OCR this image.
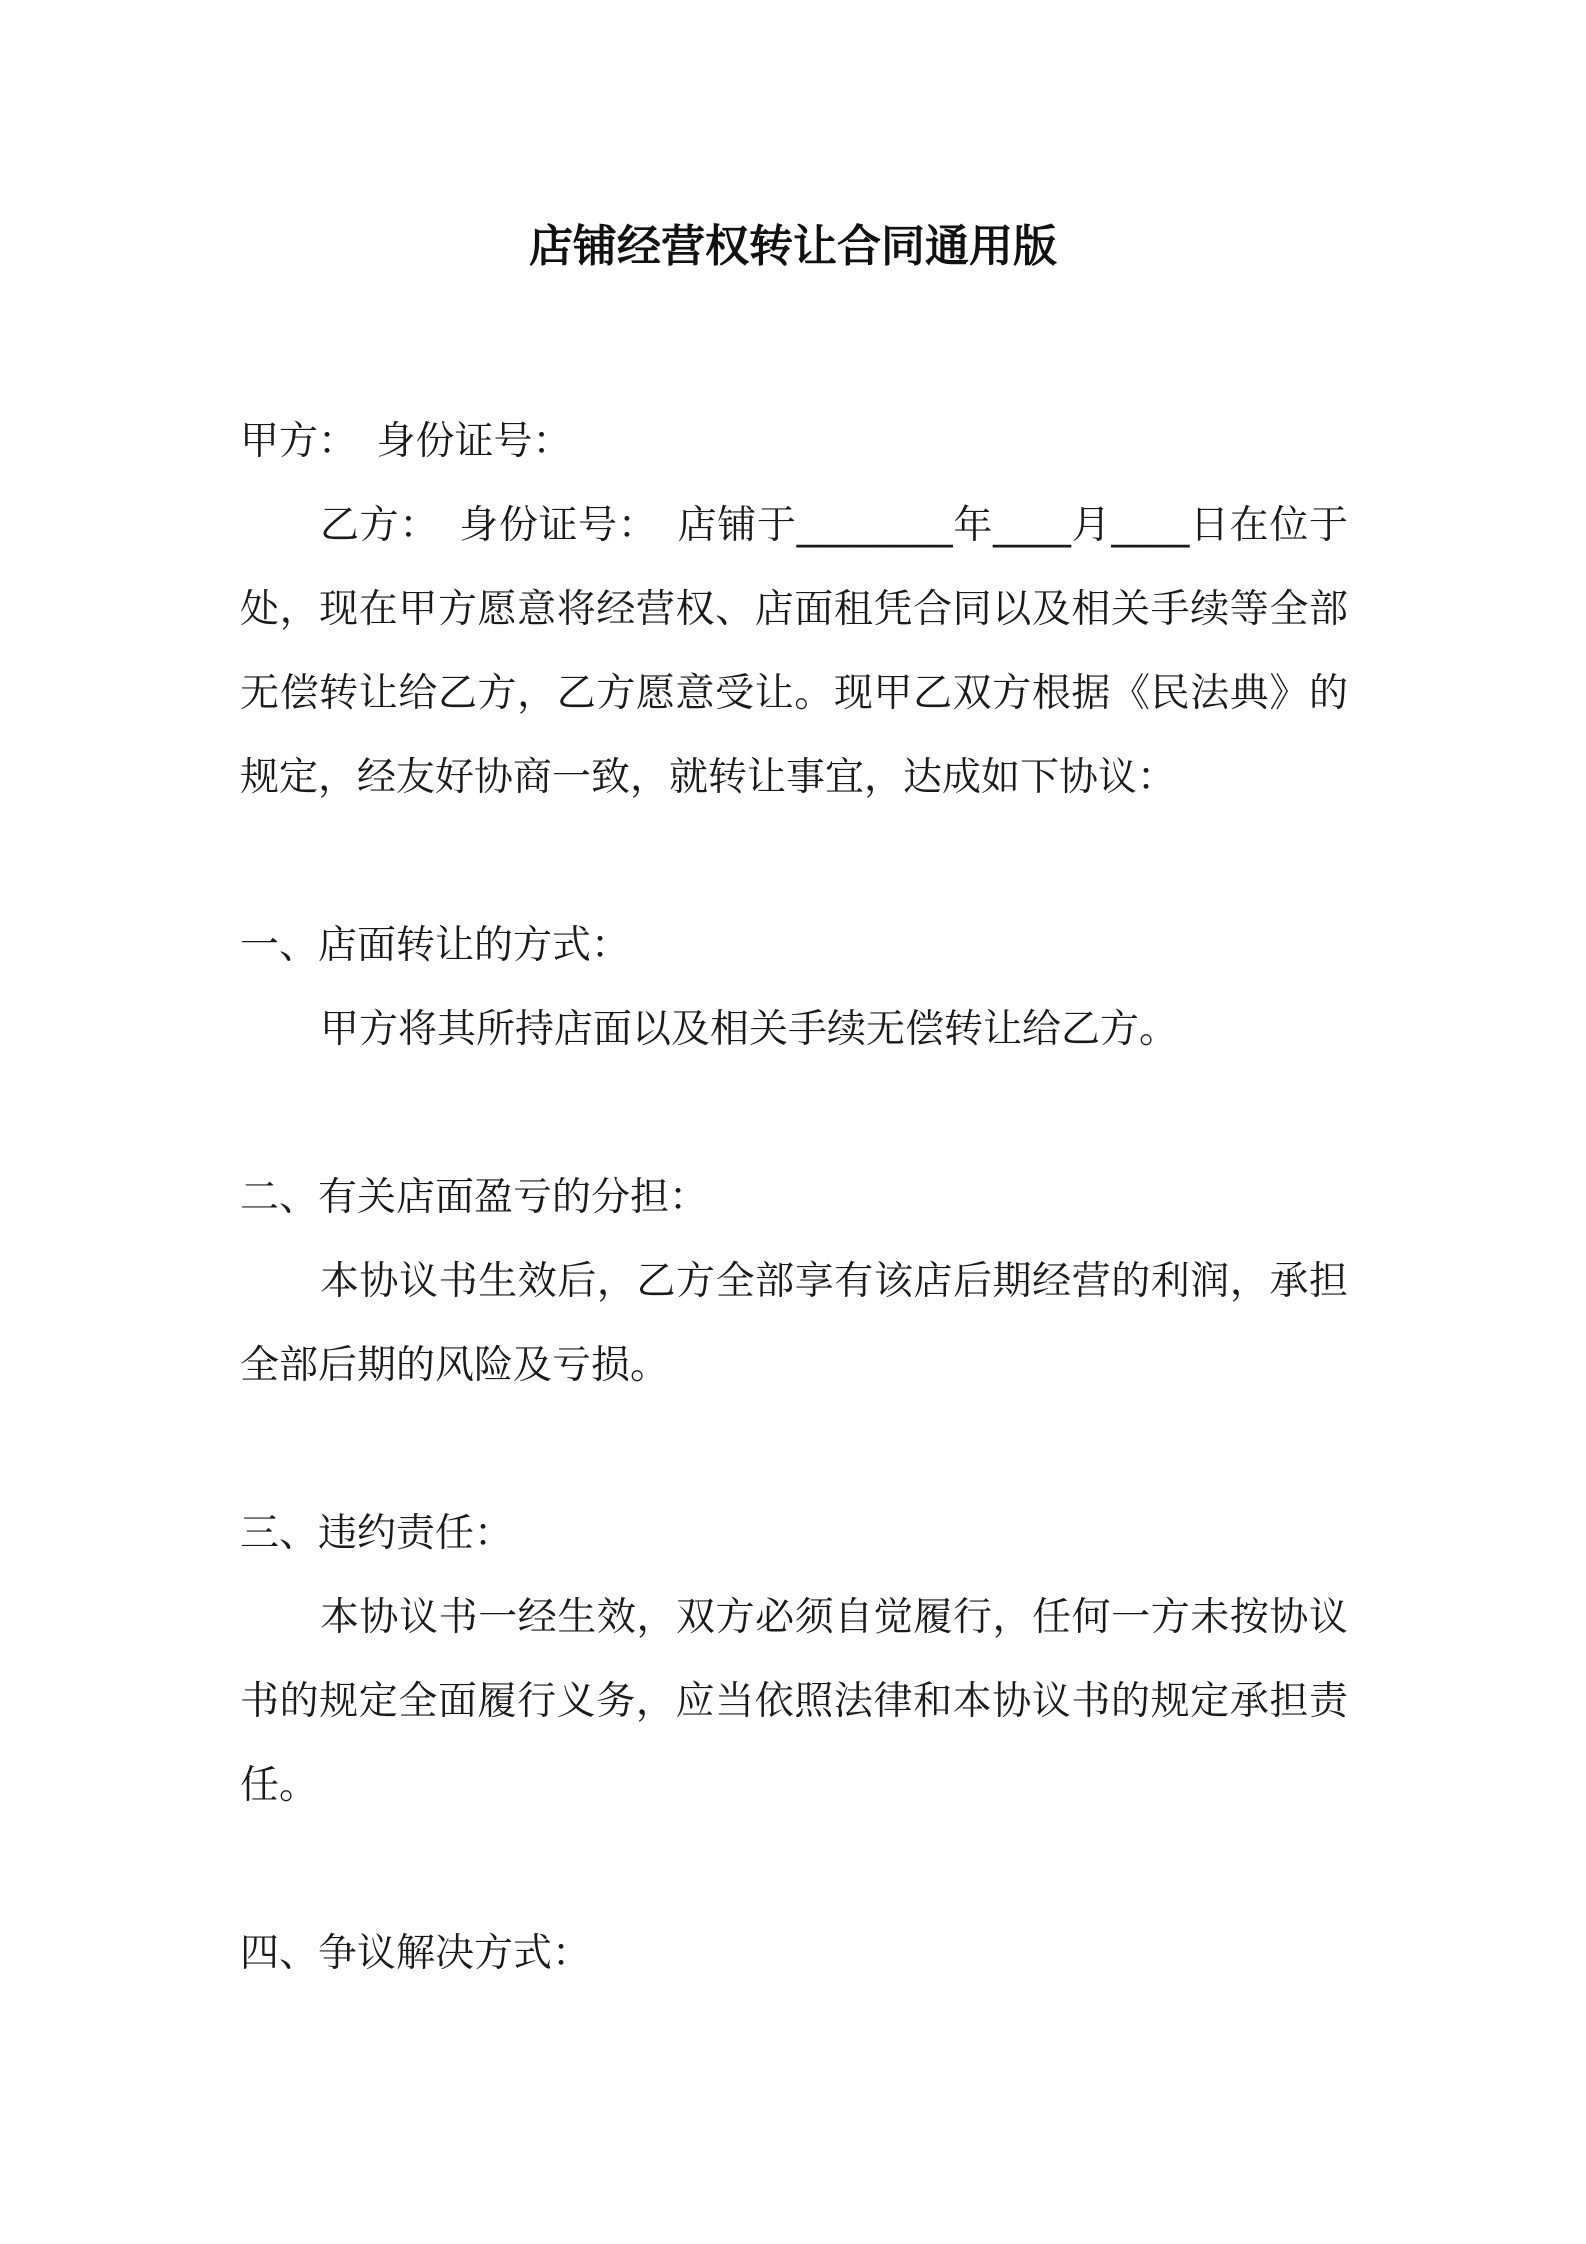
店铺经营权转让合同通用版
甲方：　身份证号：
乙方：　身份证号：　店铺于________年____月____日在位于　处，现在甲方愿意将经营权、店面租凭合同以及相关手续等全部无偿转让给乙方，乙方愿意受让。现甲乙双方根据《民法典》的规定，经友好协商一致，就转让事宜，达成如下协议：
一、店面转让的方式：
甲方将其所持店面以及相关手续无偿转让给乙方。
二、有关店面盈亏的分担：
本协议书生效后，乙方全部享有该店后期经营的利润，承担全部后期的风险及亏损。
三、违约责任：
本协议书一经生效，双方必须自觉履行，任何一方未按协议书的规定全面履行义务，应当依照法律和本协议书的规定承担责任。
四、争议解决方式：
